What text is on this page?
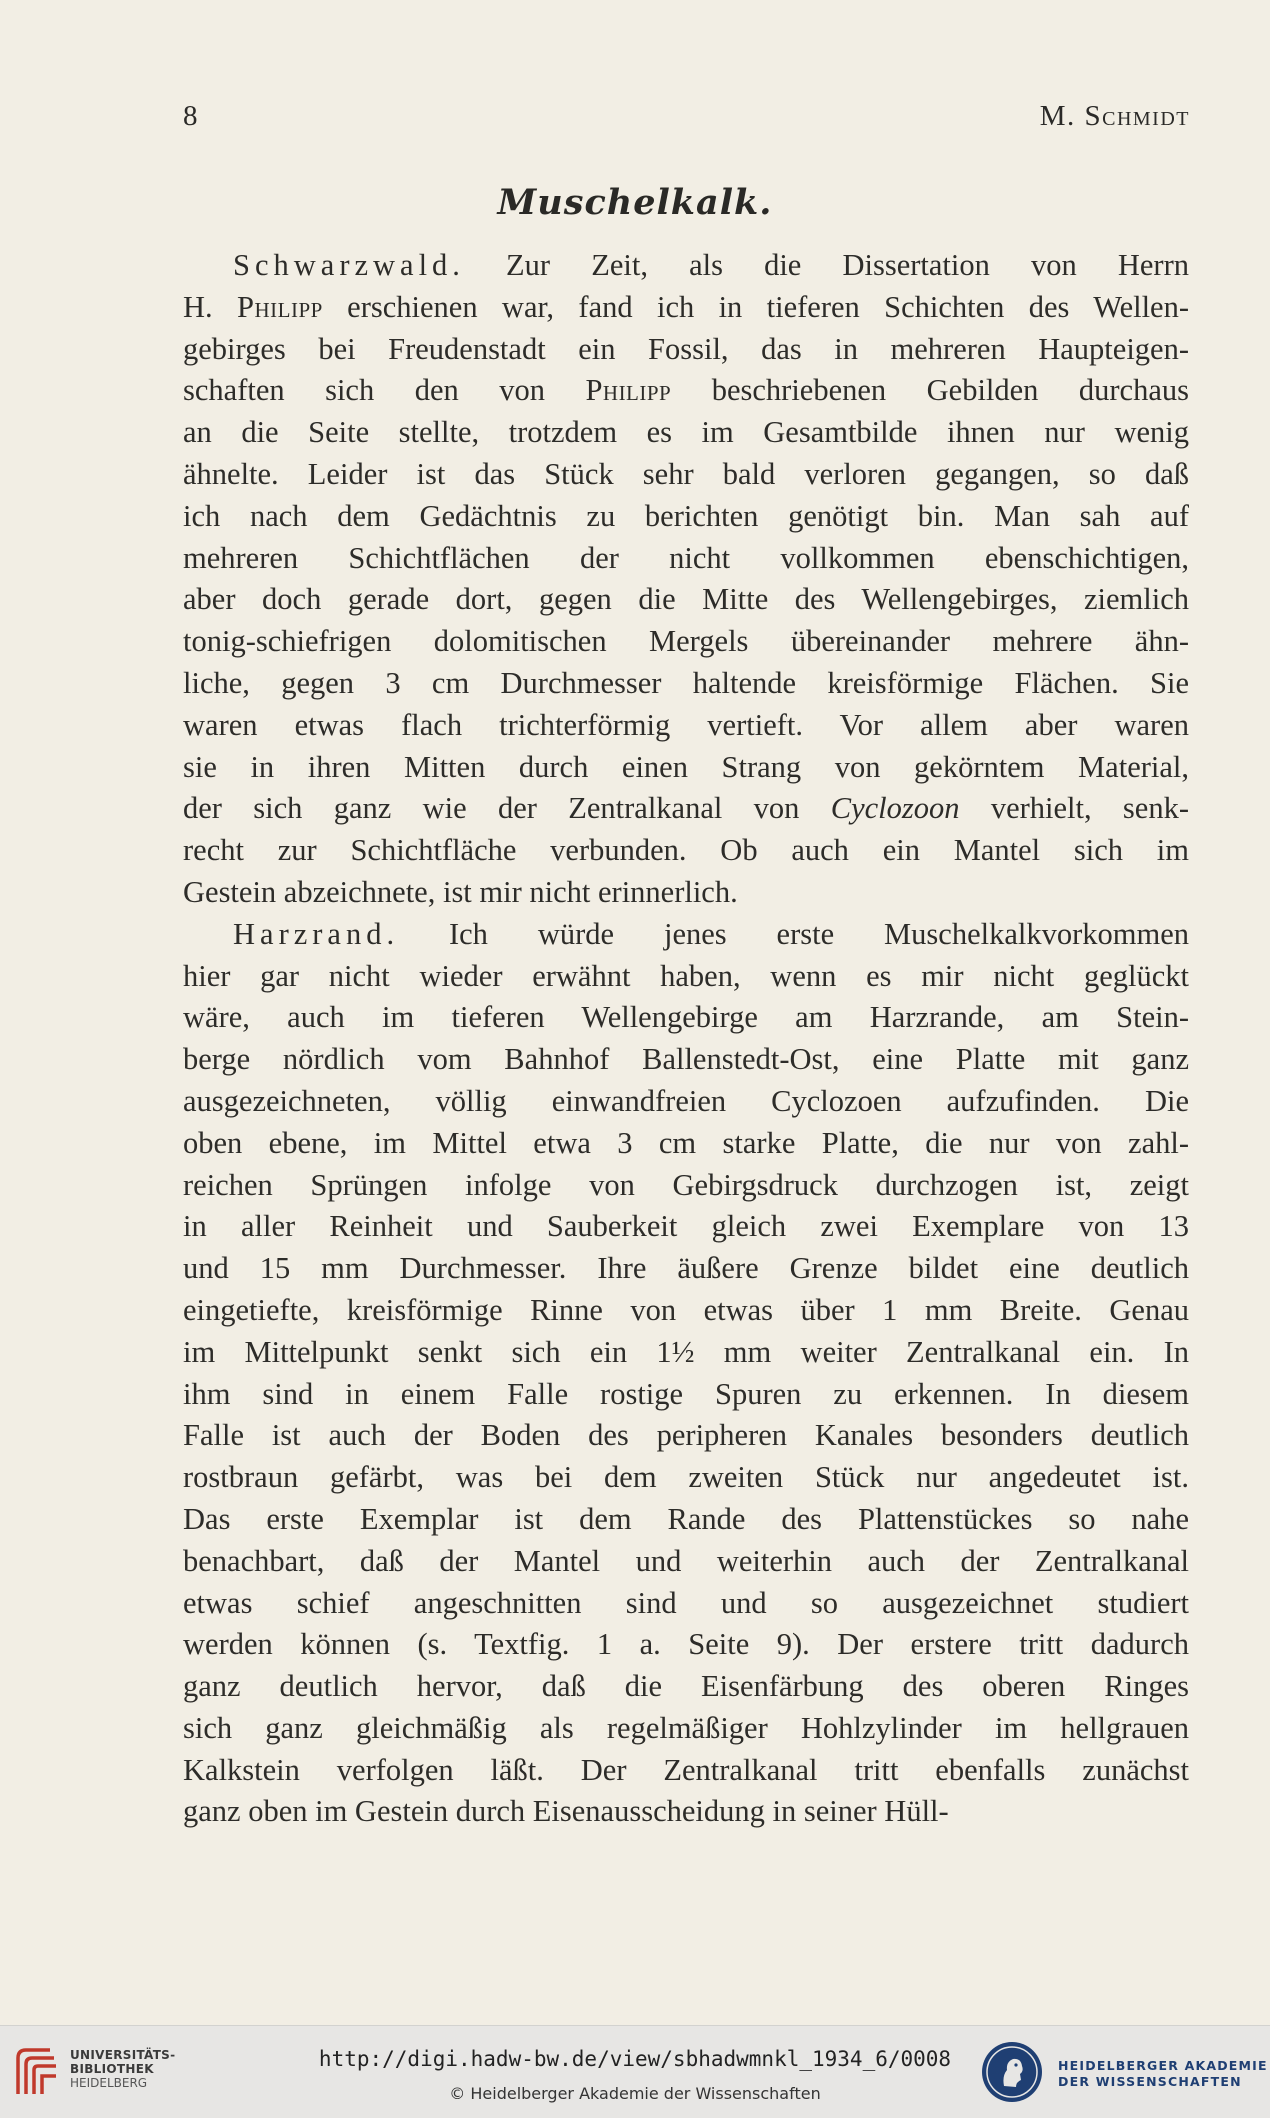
8	M. Schmidt
Muschelkalk.
Schwarzwald. Zur Zeit, als die Dissertation von Herrn
H. Philipp erschienen war, fand ich in tieferen Schichten des Wellen-
gebirges bei Freudenstadt ein Fossil, das in mehreren Haupteigen-
schaften sich den von Philipp beschriebenen Gebilden durchaus
an die Seite stellte, trotzdem es im Gesamtbilde ihnen nur wenig
ähnelte. Leider ist das Stück sehr bald verloren gegangen, so daß
ich nach dem Gedächtnis zu berichten genötigt bin. Man sah auf
mehreren Schichtflächen der nicht vollkommen ebenschichtigen,
aber doch gerade dort, gegen die Mitte des Wellengebirges, ziemlich
tonig-schiefrigen dolomitischen Mergels übereinander mehrere ähn-
liche, gegen 3 cm Durchmesser haltende kreisförmige Flächen. Sie
waren etwas flach trichterförmig vertieft. Vor allem aber waren
sie in ihren Mitten durch einen Strang von gekörntem Material,
der sich ganz wie der Zentralkanal von Cyclozoon verhielt, senk-
recht zur Schichtfläche verbunden. Ob auch ein Mantel sich im
Gestein abzeichnete, ist mir nicht erinnerlich.
Harzrand. Ich würde jenes erste Muschelkalkvorkommen
hier gar nicht wieder erwähnt haben, wenn es mir nicht geglückt
wäre, auch im tieferen Wellengebirge am Harzrande, am Stein-
berge nördlich vom Bahnhof Ballenstedt-Ost, eine Platte mit ganz
ausgezeichneten, völlig einwandfreien Cyclozoen aufzufinden. Die
oben ebene, im Mittel etwa 3 cm starke Platte, die nur von zahl-
reichen Sprüngen infolge von Gebirgsdruck durchzogen ist, zeigt
in aller Reinheit und Sauberkeit gleich zwei Exemplare von 13
und 15 mm Durchmesser. Ihre äußere Grenze bildet eine deutlich
eingetiefte, kreisförmige Rinne von etwas über 1 mm Breite. Genau
im Mittelpunkt senkt sich ein 1½ mm weiter Zentralkanal ein. In
ihm sind in einem Falle rostige Spuren zu erkennen. In diesem
Falle ist auch der Boden des peripheren Kanales besonders deutlich
rostbraun gefärbt, was bei dem zweiten Stück nur angedeutet ist.
Das erste Exemplar ist dem Rande des Plattenstückes so nahe
benachbart, daß der Mantel und weiterhin auch der Zentralkanal
etwas schief angeschnitten sind und so ausgezeichnet studiert
werden können (s. Textfig. 1 a. Seite 9). Der erstere tritt dadurch
ganz deutlich hervor, daß die Eisenfärbung des oberen Ringes
sich ganz gleichmäßig als regelmäßiger Hohlzylinder im hellgrauen
Kalkstein verfolgen läßt. Der Zentralkanal tritt ebenfalls zunächst
ganz oben im Gestein durch Eisenausscheidung in seiner Hüll-
UNIVERSITÄTS-
BIBLIOTHEK
HEIDELBERG
http://digi.hadw-bw.de/view/sbhadwmnkl_1934_6/0008
© Heidelberger Akademie der Wissenschaften
HEIDELBERGER AKADEMIE
DER WISSENSCHAFTEN
